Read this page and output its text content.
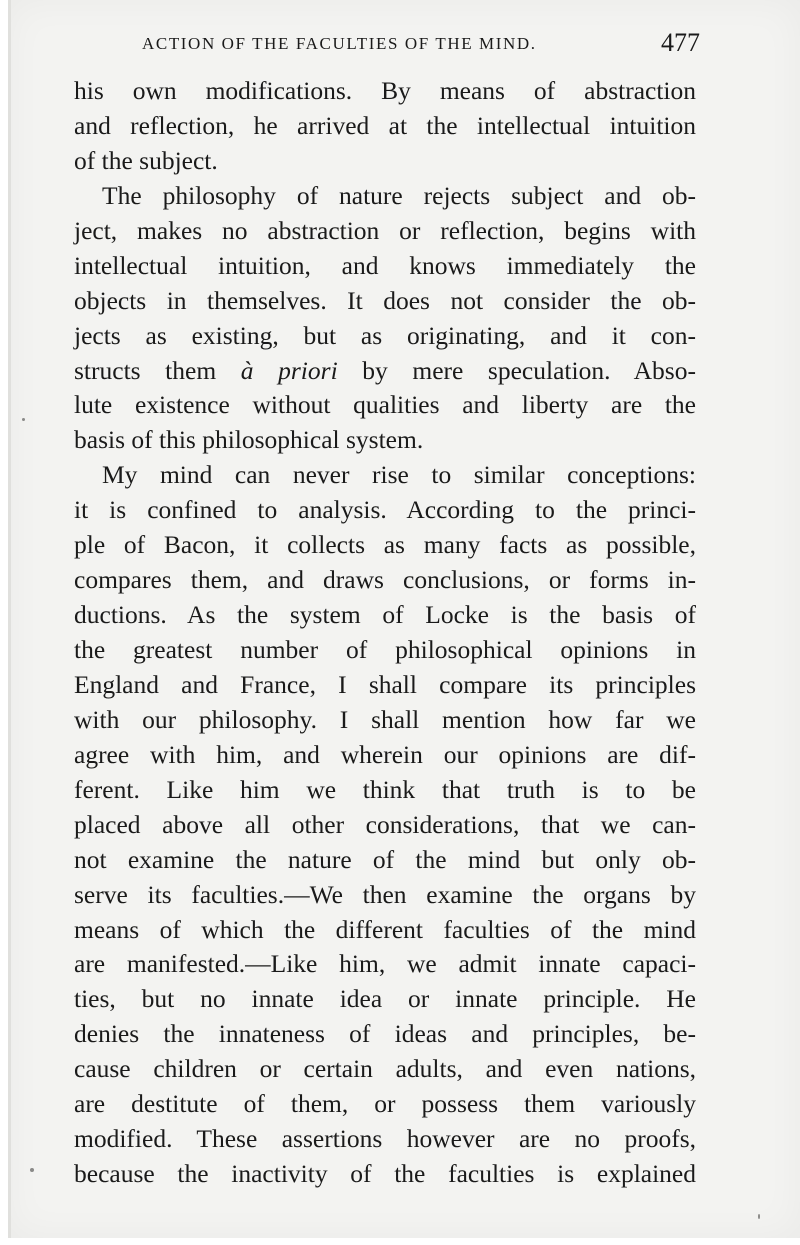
ACTION OF THE FACULTIES OF THE MIND.	477
his own modifications. By means of abstraction
and reflection, he arrived at the intellectual intuition
of the subject.
The philosophy of nature rejects subject and ob-
ject, makes no abstraction or reflection, begins with
intellectual intuition, and knows immediately the
objects in themselves. It does not consider the ob-
jects as existing, but as originating, and it con-
structs them à priori by mere speculation. Abso-
lute existence without qualities and liberty are the
basis of this philosophical system.
My mind can never rise to similar conceptions:
it is confined to analysis. According to the princi-
ple of Bacon, it collects as many facts as possible,
compares them, and draws conclusions, or forms in-
ductions. As the system of Locke is the basis of
the greatest number of philosophical opinions in
England and France, I shall compare its principles
with our philosophy. I shall mention how far we
agree with him, and wherein our opinions are dif-
ferent. Like him we think that truth is to be
placed above all other considerations, that we can-
not examine the nature of the mind but only ob-
serve its faculties.—We then examine the organs by
means of which the different faculties of the mind
are manifested.—Like him, we admit innate capaci-
ties, but no innate idea or innate principle. He
denies the innateness of ideas and principles, be-
cause children or certain adults, and even nations,
are destitute of them, or possess them variously
modified. These assertions however are no proofs,
because the inactivity of the faculties is explained
